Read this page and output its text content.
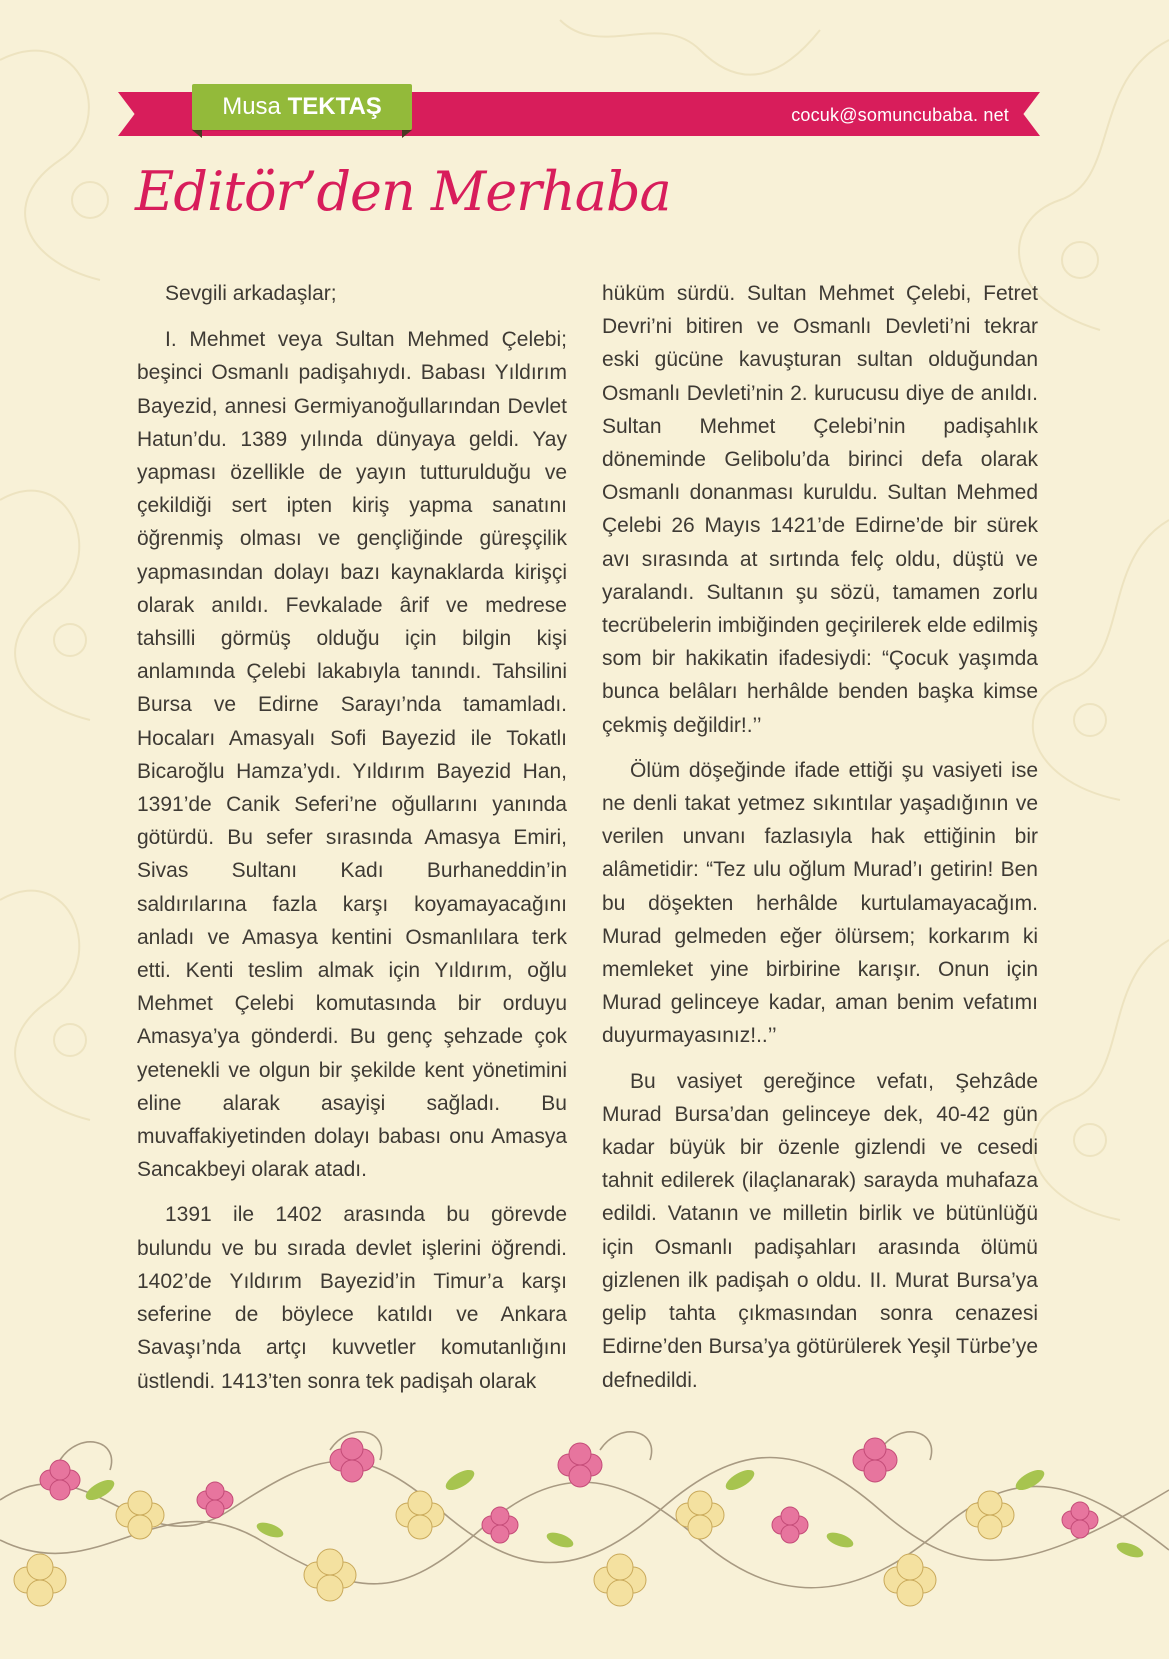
Musa TEKTAŞ	cocuk@somuncubaba. net
Editör’den Merhaba

Sevgili arkadaşlar;

I. Mehmet veya Sultan Mehmed Çelebi; beşinci Osmanlı padişahıydı. Babası Yıldırım Bayezid, annesi Germiyanoğullarından Devlet Hatun’du. 1389 yılında dünyaya geldi. Yay yapması özellikle de yayın tutturulduğu ve çekildiği sert ipten kiriş yapma sanatını öğrenmiş olması ve gençliğinde güreşçilik yapmasından dolayı bazı kaynaklarda kirişçi olarak anıldı. Fevkalade ârif ve medrese tahsilli görmüş olduğu için bilgin kişi anlamında Çelebi lakabıyla tanındı. Tahsilini Bursa ve Edirne Sarayı’nda tamamladı. Hocaları Amasyalı Sofi Bayezid ile Tokatlı Bicaroğlu Hamza’ydı. Yıldırım Bayezid Han, 1391’de Canik Seferi’ne oğullarını yanında götürdü. Bu sefer sırasında Amasya Emiri, Sivas Sultanı Kadı Burhaneddin’in saldırılarına fazla karşı koyamayacağını anladı ve Amasya kentini Osmanlılara terk etti. Kenti teslim almak için Yıldırım, oğlu Mehmet Çelebi komutasında bir orduyu Amasya’ya gönderdi. Bu genç şehzade çok yetenekli ve olgun bir şekilde kent yönetimini eline alarak asayişi sağladı. Bu muvaffakiyetinden dolayı babası onu Amasya Sancakbeyi olarak atadı.

1391 ile 1402 arasında bu görevde bulundu ve bu sırada devlet işlerini öğrendi. 1402’de Yıldırım Bayezid’in Timur’a karşı seferine de böylece katıldı ve Ankara Savaşı’nda artçı kuvvetler komutanlığını üstlendi. 1413’ten sonra tek padişah olarak

hüküm sürdü. Sultan Mehmet Çelebi, Fetret Devri’ni bitiren ve Osmanlı Devleti’ni tekrar eski gücüne kavuşturan sultan olduğundan Osmanlı Devleti’nin 2. kurucusu diye de anıldı. Sultan Mehmet Çelebi’nin padişahlık döneminde Gelibolu’da birinci defa olarak Osmanlı donanması kuruldu. Sultan Mehmed Çelebi 26 Mayıs 1421’de Edirne’de bir sürek avı sırasında at sırtında felç oldu, düştü ve yaralandı. Sultanın şu sözü, tamamen zorlu tecrübelerin imbiğinden geçirilerek elde edilmiş som bir hakikatin ifadesiydi: “Çocuk yaşımda bunca belâları herhâlde benden başka kimse çekmiş değildir!.’’

Ölüm döşeğinde ifade ettiği şu vasiyeti ise ne denli takat yetmez sıkıntılar yaşadığının ve verilen unvanı fazlasıyla hak ettiğinin bir alâmetidir: “Tez ulu oğlum Murad’ı getirin! Ben bu döşekten herhâlde kurtulamayacağım. Murad gelmeden eğer ölürsem; korkarım ki memleket yine birbirine karışır. Onun için Murad gelinceye kadar, aman benim vefatımı duyurmayasınız!..’’

Bu vasiyet gereğince vefatı, Şehzâde Murad Bursa’dan gelinceye dek, 40-42 gün kadar büyük bir özenle gizlendi ve cesedi tahnit edilerek (ilaçlanarak) sarayda muhafaza edildi. Vatanın ve milletin birlik ve bütünlüğü için Osmanlı padişahları arasında ölümü gizlenen ilk padişah o oldu. II. Murat Bursa’ya gelip tahta çıkmasından sonra cenazesi Edirne’den Bursa’ya götürülerek Yeşil Türbe’ye defnedildi.
